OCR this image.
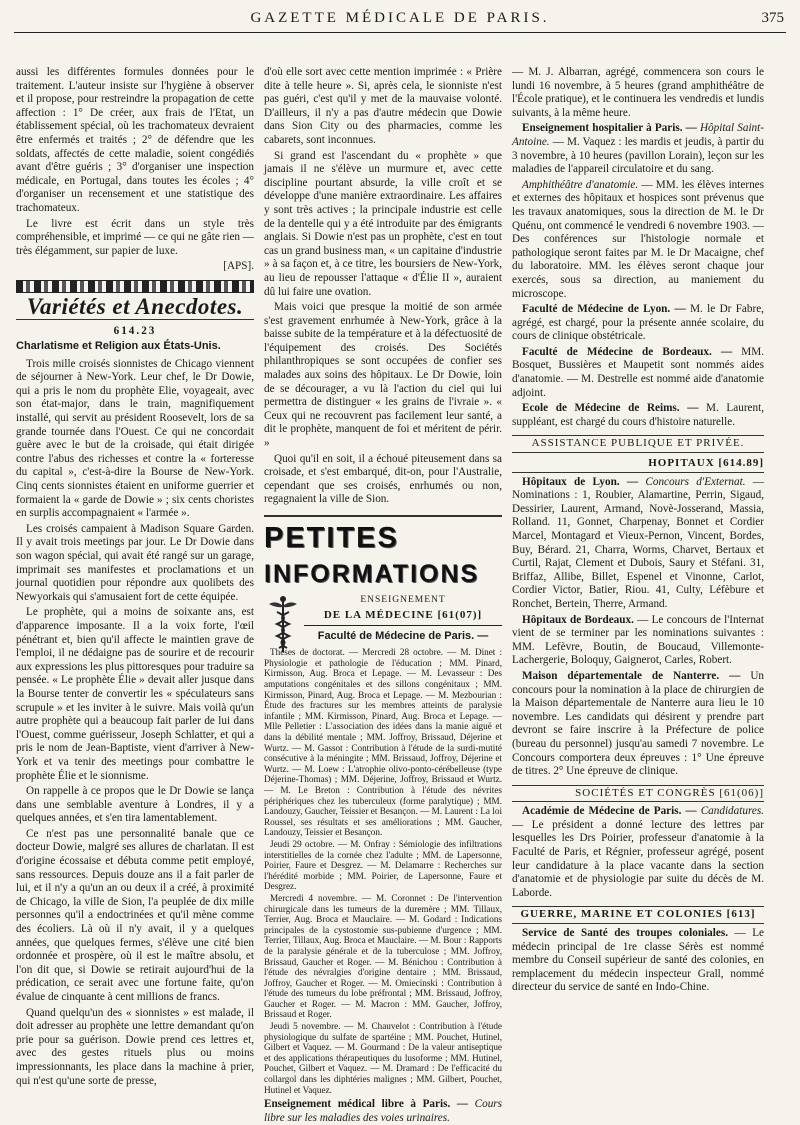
GAZETTE MÉDICALE DE PARIS.	375

aussi les différentes formules données pour le traitement. L'auteur insiste sur l'hygiène à observer et il propose, pour restreindre la propagation de cette affection : 1° De créer, aux frais de l'Etat, un établissement spécial, où les trachomateux devraient être enfermés et traités ; 2° de défendre que les soldats, affectés de cette maladie, soient congédiés avant d'être guéris ; 3° d'organiser une inspection médicale, en Portugal, dans toutes les écoles ; 4° d'organiser un recensement et une statistique des trachomateux.

Le livre est écrit dans un style très compréhensible, et imprimé — ce qui ne gâte rien — très élégamment, sur papier de luxe.

[APS].
Variétés et Anecdotes.
614.23
Charlatisme et Religion aux États-Unis.

Trois mille croisés sionnistes de Chicago viennent de séjourner à New-York. Leur chef, le Dr Dowie, qui a pris le nom du prophète Elie, voyageait, avec son état-major, dans le train, magnifiquement installé, qui servit au président Roosevelt, lors de sa grande tournée dans l'Ouest. Ce qui ne concordait guère avec le but de la croisade, qui était dirigée contre l'abus des richesses et contre la « forteresse du capital », c'est-à-dire la Bourse de New-York. Cinq cents sionnistes étaient en uniforme guerrier et formaient la « garde de Dowie » ; six cents choristes en surplis accompagnaient « l'armée ».

Les croisés campaient à Madison Square Garden. Il y avait trois meetings par jour. Le Dr Dowie dans son wagon spécial, qui avait été rangé sur un garage, imprimait ses manifestes et proclamations et un journal quotidien pour répondre aux quolibets des Newyorkais qui s'amusaient fort de cette équipée.

Le prophète, qui a moins de soixante ans, est d'apparence imposante. Il a la voix forte, l'œil pénétrant et, bien qu'il affecte le maintien grave de l'emploi, il ne dédaigne pas de sourire et de recourir aux expressions les plus pittoresques pour traduire sa pensée. « Le prophète Élie » devait aller jusque dans la Bourse tenter de convertir les « spéculateurs sans scrupule » et les inviter à le suivre. Mais voilà qu'un autre prophète qui a beaucoup fait parler de lui dans l'Ouest, comme guérisseur, Joseph Schlatter, et qui a pris le nom de Jean-Baptiste, vient d'arriver à New-York et va tenir des meetings pour combattre le prophète Élie et le sionnisme.

On rappelle à ce propos que le Dr Dowie se lança dans une semblable aventure à Londres, il y a quelques années, et s'en tira lamentablement.

Ce n'est pas une personnalité banale que ce docteur Dowie, malgré ses allures de charlatan. Il est d'origine écossaise et débuta comme petit employé, sans ressources. Depuis douze ans il a fait parler de lui, et il n'y a qu'un an ou deux il a créé, à proximité de Chicago, la ville de Sion, l'a peuplée de dix mille personnes qu'il a endoctrinées et qu'il mène comme des écoliers. Là où il n'y avait, il y a quelques années, que quelques fermes, s'élève une cité bien ordonnée et prospère, où il est le maître absolu, et l'on dit que, si Dowie se retirait aujourd'hui de la prédication, ce serait avec une fortune faite, qu'on évalue de cinquante à cent millions de francs.

Quand quelqu'un des « sionnistes » est malade, il doit adresser au prophète une lettre demandant qu'on prie pour sa guérison. Dowie prend ces lettres et, avec des gestes rituels plus ou moins impressionnants, les place dans la machine à prier, qui n'est qu'une sorte de presse,

d'où elle sort avec cette mention imprimée : « Prière dite à telle heure ». Si, après cela, le sionniste n'est pas guéri, c'est qu'il y met de la mauvaise volonté. D'ailleurs, il n'y a pas d'autre médecin que Dowie dans Sion City ou des pharmacies, comme les cabarets, sont inconnues.

Si grand est l'ascendant du « prophète » que jamais il ne s'élève un murmure et, avec cette discipline pourtant absurde, la ville croît et se développe d'une manière extraordinaire. Les affaires y sont très actives ; la principale industrie est celle de la dentelle qui y a été introduite par des émigrants anglais. Si Dowie n'est pas un prophète, c'est en tout cas un grand business man, « un capitaine d'industrie » à sa façon et, à ce titre, les boursiers de New-York, au lieu de repousser l'attaque « d'Élie II », auraient dû lui faire une ovation.

Mais voici que presque la moitié de son armée s'est gravement enrhumée à New-York, grâce à la baisse subite de la température et à la défectuosité de l'équipement des croisés. Des Sociétés philanthropiques se sont occupées de confier ses malades aux soins des hôpitaux. Le Dr Dowie, loin de se décourager, a vu là l'action du ciel qui lui permettra de distinguer « les grains de l'ivraie ». « Ceux qui ne recouvrent pas facilement leur santé, a dit le prophète, manquent de foi et méritent de périr. »

Quoi qu'il en soit, il a échoué piteusement dans sa croisade, et s'est embarqué, dit-on, pour l'Australie, cependant que ses croisés, enrhumés ou non, regagnaient la ville de Sion.

PETITES
INFORMATIONS
ENSEIGNEMENT
DE LA MÉDECINE [61(07)]
Faculté de Médecine de Paris. —

Thèses de doctorat. — Mercredi 28 octobre. — M. Dinet : Physiologie et pathologie de l'éducation ; MM. Pinard, Kirmisson, Aug. Broca et Lepage. — M. Levasseur : Des amputations congénitales et des sillons congénitaux ; MM. Kirmisson, Pinard, Aug. Broca et Lepage. — M. Mezbourian : Étude des fractures sur les membres atteints de paralysie infantile ; MM. Kirmisson, Pinard, Aug. Broca et Lepage. — Mlle Pelletier : L'association des idées dans la manie aiguë et dans la débilité mentale ; MM. Joffroy, Brissaud, Déjerine et Wurtz. — M. Gassot : Contribution à l'étude de la surdi-mutité consécutive à la méningite ; MM. Brissaud, Joffroy, Déjerine et Wurtz. — M. Loew : L'atrophie olivo-ponto-cérébelleuse (type Déjerine-Thomas) ; MM. Déjerine, Joffroy, Brissaud et Wurtz. — M. Le Breton : Contribution à l'étude des névrites périphériques chez les tuberculeux (forme paralytique) ; MM. Landouzy, Gaucher, Teissier et Besançon. — M. Laurent : La loi Roussel, ses résultats et ses améliorations ; MM. Gaucher, Landouzy, Teissier et Besançon.

Jeudi 29 octobre. — M. Onfray : Sémiologie des infiltrations interstitielles de la cornée chez l'adulte ; MM. de Lapersonne, Poirier, Faure et Desgrez. — M. Delamarre : Recherches sur l'hérédité morbide ; MM. Poirier, de Lapersonne, Faure et Desgrez.

Mercredi 4 novembre. — M. Coronnet : De l'intervention chirurgicale dans les tumeurs de la duremère ; MM. Tillaux, Terrier, Aug. Broca et Mauclaire. — M. Godard : Indications principales de la cystostomie sus-pubienne d'urgence ; MM. Terrier, Tillaux, Aug. Broca et Mauclaire. — M. Bour : Rapports de la paralysie générale et de la tuberculose ; MM. Joffroy, Brissaud, Gaucher et Roger. — M. Bénichou : Contribution à l'étude des névralgies d'origine dentaire ; MM. Brissaud, Joffroy, Gaucher et Roger. — M. Omiecinski : Contribution à l'étude des tumeurs du lobe préfrontal ; MM. Brissaud, Joffroy, Gaucher et Roger. — M. Macron : MM. Gaucher, Joffroy, Brissaud et Roger.

Jeudi 5 novembre. — M. Chauvelot : Contribution à l'étude physiologique du sulfate de spartéine ; MM. Pouchet, Hutinel, Gilbert et Vaquez. — M. Gourmand : De la valeur antiseptique et des applications thérapeutiques du lusoforme ; MM. Hutinel, Pouchet, Gilbert et Vaquez. — M. Dramard : De l'efficacité du collargol dans les diphtéries malignes ; MM. Gilbert, Pouchet, Hutinel et Vaquez.

Enseignement médical libre à Paris. — Cours libre sur les maladies des voies urinaires.

— M. J. Albarran, agrégé, commencera son cours le lundi 16 novembre, à 5 heures (grand amphithéâtre de l'École pratique), et le continuera les vendredis et lundis suivants, à la même heure.

Enseignement hospitalier à Paris. — Hôpital Saint-Antoine. — M. Vaquez : les mardis et jeudis, à partir du 3 novembre, à 10 heures (pavillon Lorain), leçon sur les maladies de l'appareil circulatoire et du sang.

Amphithéâtre d'anatomie. — MM. les élèves internes et externes des hôpitaux et hospices sont prévenus que les travaux anatomiques, sous la direction de M. le Dr Quénu, ont commencé le vendredi 6 novembre 1903. — Des conférences sur l'histologie normale et pathologique seront faites par M. le Dr Macaigne, chef du laboratoire. MM. les élèves seront chaque jour exercés, sous sa direction, au maniement du microscope.

Faculté de Médecine de Lyon. — M. le Dr Fabre, agrégé, est chargé, pour la présente année scolaire, du cours de clinique obstétricale.

Faculté de Médecine de Bordeaux. — MM. Bosquet, Bussières et Maupetit sont nommés aides d'anatomie. — M. Destrelle est nommé aide d'anatomie adjoint.

Ecole de Médecine de Reims. — M. Laurent, suppléant, est chargé du cours d'histoire naturelle.

ASSISTANCE PUBLIQUE ET PRIVÉE.
HOPITAUX [614.89]

Hôpitaux de Lyon. — Concours d'Externat. — Nominations : 1, Roubier, Alamartine, Perrin, Sigaud, Dessirier, Laurent, Armand, Novè-Josserand, Massia, Rolland. 11, Gonnet, Charpenay, Bonnet et Cordier Marcel, Montagard et Vieux-Pernon, Vincent, Bordes, Buy, Bérard. 21, Charra, Worms, Charvet, Bertaux et Curtil, Rajat, Clement et Dubois, Saury et Stéfani. 31, Briffaz, Allibe, Billet, Espenel et Vinonne, Carlot, Cordier Victor, Batier, Riou. 41, Culty, Léfèbure et Ronchet, Bertein, Therre, Armand.

Hôpitaux de Bordeaux. — Le concours de l'Internat vient de se terminer par les nominations suivantes : MM. Lefèvre, Boutin, de Boucaud, Villemonte-Lachergerie, Boloquy, Gaignerot, Carles, Robert.

Maison départementale de Nanterre. — Un concours pour la nomination à la place de chirurgien de la Maison départementale de Nanterre aura lieu le 10 novembre. Les candidats qui désirent y prendre part devront se faire inscrire à la Préfecture de police (bureau du personnel) jusqu'au samedi 7 novembre. Le Concours comportera deux épreuves : 1° Une épreuve de titres. 2° Une épreuve de clinique.

SOCIÉTÉS ET CONGRÈS [61(06)]

Académie de Médecine de Paris. — Candidatures. — Le président a donné lecture des lettres par lesquelles les Drs Poirier, professeur d'anatomie à la Faculté de Paris, et Régnier, professeur agrégé, posent leur candidature à la place vacante dans la section d'anatomie et de physiologie par suite du décès de M. Laborde.

GUERRE, MARINE ET COLONIES [613]

Service de Santé des troupes coloniales. — Le médecin principal de 1re classe Sérès est nommé membre du Conseil supérieur de santé des colonies, en remplacement du médecin inspecteur Grall, nommé directeur du service de santé en Indo-Chine.
